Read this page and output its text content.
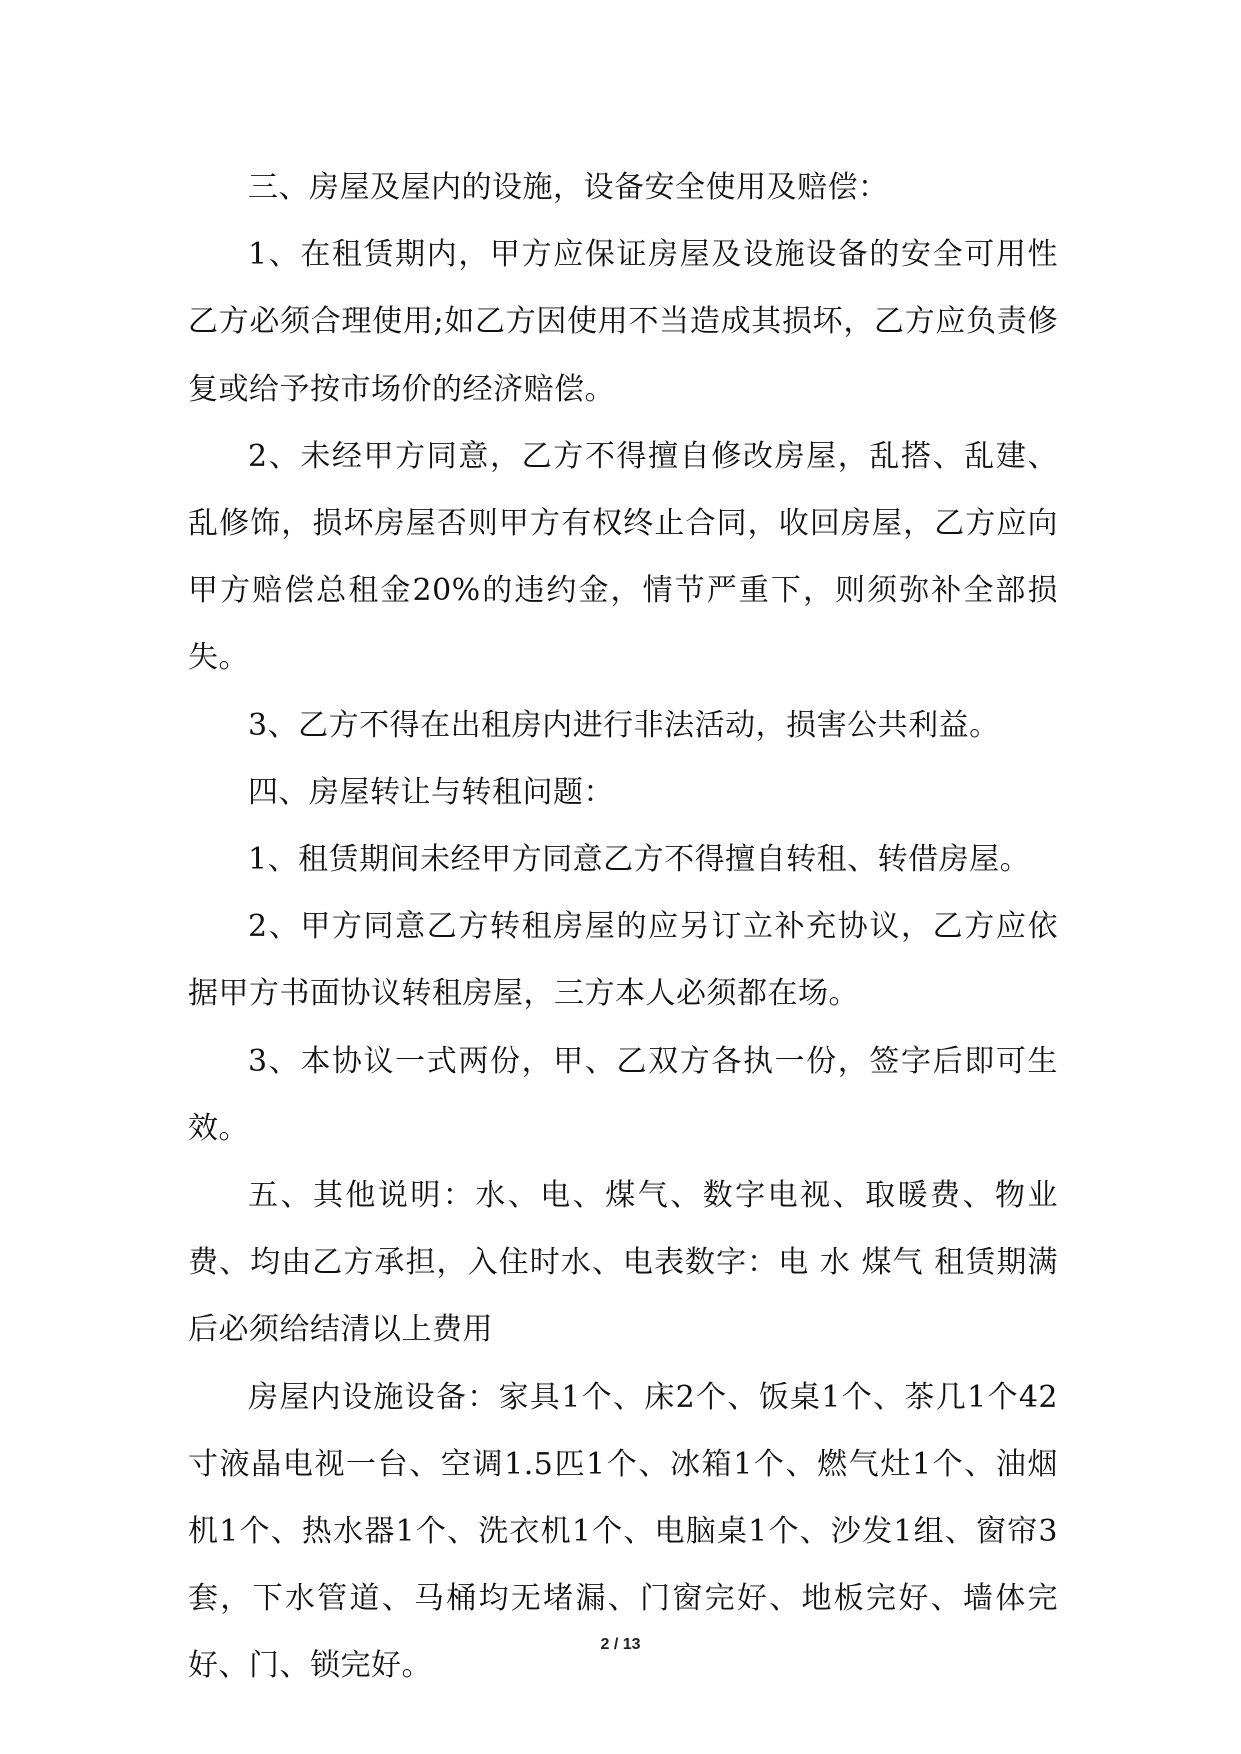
三、房屋及屋内的设施，设备安全使用及赔偿：

1、在租赁期内，甲方应保证房屋及设施设备的安全可用性乙方必须合理使用;如乙方因使用不当造成其损坏，乙方应负责修复或给予按市场价的经济赔偿。

2、未经甲方同意，乙方不得擅自修改房屋，乱搭、乱建、乱修饰，损坏房屋否则甲方有权终止合同，收回房屋，乙方应向甲方赔偿总租金20%的违约金，情节严重下，则须弥补全部损失。

3、乙方不得在出租房内进行非法活动，损害公共利益。

四、房屋转让与转租问题：

1、租赁期间未经甲方同意乙方不得擅自转租、转借房屋。

2、甲方同意乙方转租房屋的应另订立补充协议，乙方应依据甲方书面协议转租房屋，三方本人必须都在场。

3、本协议一式两份，甲、乙双方各执一份，签字后即可生效。

五、其他说明：水、电、煤气、数字电视、取暖费、物业费、均由乙方承担，入住时水、电表数字：电 水 煤气 租赁期满后必须给结清以上费用

房屋内设施设备：家具1个、床2个、饭桌1个、茶几1个42寸液晶电视一台、空调1.5匹1个、冰箱1个、燃气灶1个、油烟机1个、热水器1个、洗衣机1个、电脑桌1个、沙发1组、窗帘3套，下水管道、马桶均无堵漏、门窗完好、地板完好、墙体完好、门、锁完好。

2 / 13
